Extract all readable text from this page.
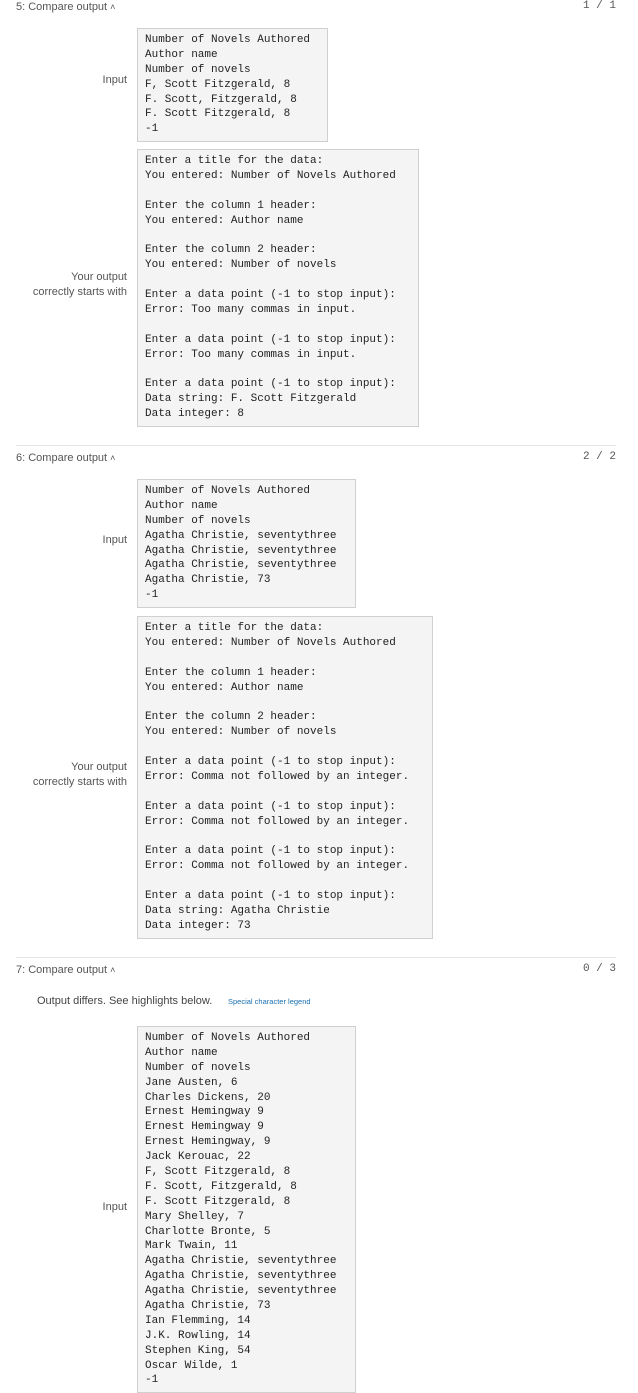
5: Compare output ˄	1 / 1
Input
Number of Novels Authored
Author name
Number of novels
F, Scott Fitzgerald, 8
F. Scott, Fitzgerald, 8
F. Scott Fitzgerald, 8
-1
Your output
correctly starts with
Enter a title for the data:
You entered: Number of Novels Authored
Enter the column 1 header:
You entered: Author name
Enter the column 2 header:
You entered: Number of novels
Enter a data point (-1 to stop input):
Error: Too many commas in input.
Enter a data point (-1 to stop input):
Error: Too many commas in input.
Enter a data point (-1 to stop input):
Data string: F. Scott Fitzgerald
Data integer: 8
6: Compare output ˄	2 / 2
Input
Number of Novels Authored
Author name
Number of novels
Agatha Christie, seventythree
Agatha Christie, seventythree
Agatha Christie, seventythree
Agatha Christie, 73
-1
Your output
correctly starts with
Enter a title for the data:
You entered: Number of Novels Authored
Enter the column 1 header:
You entered: Author name
Enter the column 2 header:
You entered: Number of novels
Enter a data point (-1 to stop input):
Error: Comma not followed by an integer.
Enter a data point (-1 to stop input):
Error: Comma not followed by an integer.
Enter a data point (-1 to stop input):
Error: Comma not followed by an integer.
Enter a data point (-1 to stop input):
Data string: Agatha Christie
Data integer: 73
7: Compare output ˄	0 / 3
Output differs. See highlights below. Special character legend
Input
Number of Novels Authored
Author name
Number of novels
Jane Austen, 6
Charles Dickens, 20
Ernest Hemingway 9
Ernest Hemingway 9
Ernest Hemingway, 9
Jack Kerouac, 22
F, Scott Fitzgerald, 8
F. Scott, Fitzgerald, 8
F. Scott Fitzgerald, 8
Mary Shelley, 7
Charlotte Bronte, 5
Mark Twain, 11
Agatha Christie, seventythree
Agatha Christie, seventythree
Agatha Christie, seventythree
Agatha Christie, 73
Ian Flemming, 14
J.K. Rowling, 14
Stephen King, 54
Oscar Wilde, 1
-1
